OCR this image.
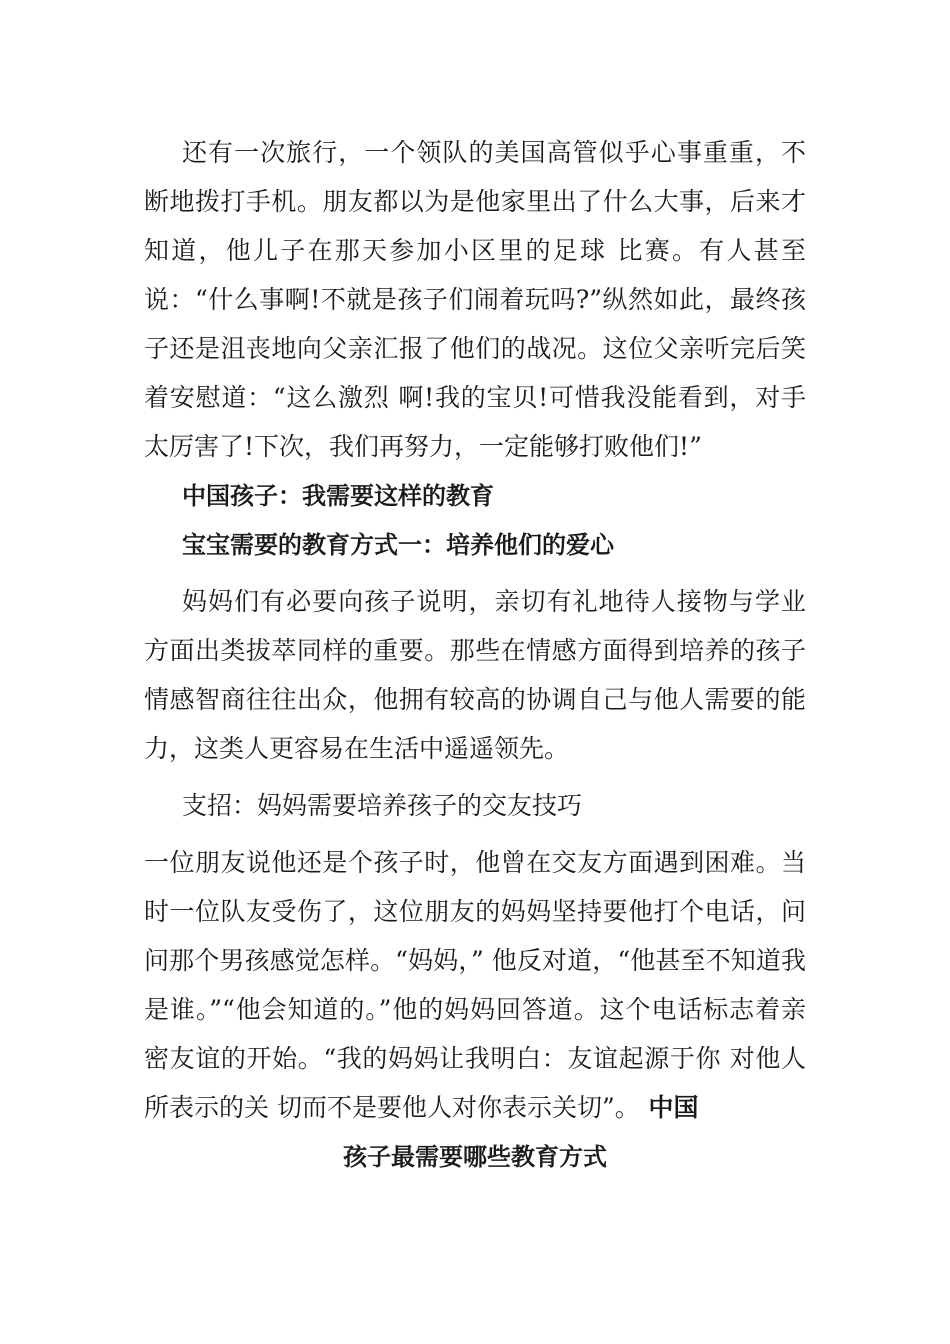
还有一次旅行，一个领队的美国高管似乎心事重重，不断地拨打手机。朋友都以为是他家里出了什么大事，后来才知道，他儿子在那天参加小区里的足球 比赛。有人甚至说：“什么事啊!不就是孩子们闹着玩吗?”纵然如此，最终孩子还是沮丧地向父亲汇报了他们的战况。这位父亲听完后笑着安慰道：“这么激烈 啊!我的宝贝!可惜我没能看到，对手太厉害了!下次，我们再努力，一定能够打败他们!”

中国孩子：我需要这样的教育

宝宝需要的教育方式一：培养他们的爱心

妈妈们有必要向孩子说明，亲切有礼地待人接物与学业方面出类拔萃同样的重要。那些在情感方面得到培养的孩子情感智商往往出众，他拥有较高的协调自己与他人需要的能力，这类人更容易在生活中遥遥领先。

支招：妈妈需要培养孩子的交友技巧

一位朋友说他还是个孩子时，他曾在交友方面遇到困难。当时一位队友受伤了，这位朋友的妈妈坚持要他打个电话，问问那个男孩感觉怎样。“妈妈，” 他反对道，“他甚至不知道我是谁。”“他会知道的。”他的妈妈回答道。这个电话标志着亲密友谊的开始。“我的妈妈让我明白：友谊起源于你 对他人所表示的关 切而不是要他人对你表示关切”。 中国

孩子最需要哪些教育方式
